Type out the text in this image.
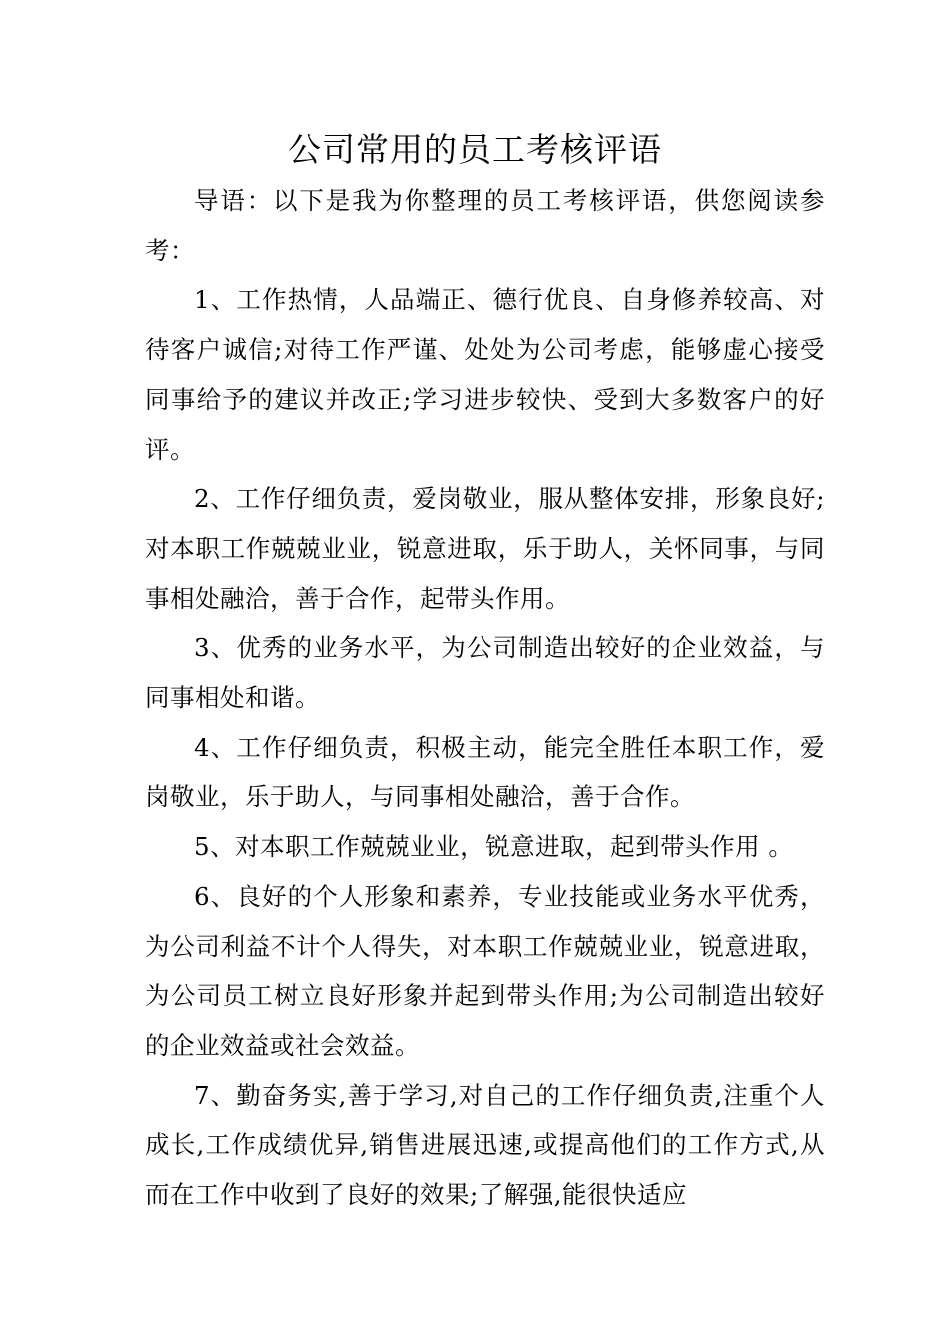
公司常用的员工考核评语

导语：以下是我为你整理的员工考核评语，供您阅读参考：

1、工作热情，人品端正、德行优良、自身修养较高、对待客户诚信;对待工作严谨、处处为公司考虑，能够虚心接受同事给予的建议并改正;学习进步较快、受到大多数客户的好评。

2、工作仔细负责，爱岗敬业，服从整体安排，形象良好;对本职工作兢兢业业，锐意进取，乐于助人，关怀同事，与同事相处融洽，善于合作，起带头作用。

3、优秀的业务水平，为公司制造出较好的企业效益，与同事相处和谐。

4、工作仔细负责，积极主动，能完全胜任本职工作，爱岗敬业，乐于助人，与同事相处融洽，善于合作。

5、对本职工作兢兢业业，锐意进取，起到带头作用 。

6、良好的个人形象和素养，专业技能或业务水平优秀，为公司利益不计个人得失，对本职工作兢兢业业，锐意进取，为公司员工树立良好形象并起到带头作用;为公司制造出较好的企业效益或社会效益。

7、勤奋务实,善于学习,对自己的工作仔细负责,注重个人成长,工作成绩优异,销售进展迅速,或提高他们的工作方式,从而在工作中收到了良好的效果;了解强,能很快适应
